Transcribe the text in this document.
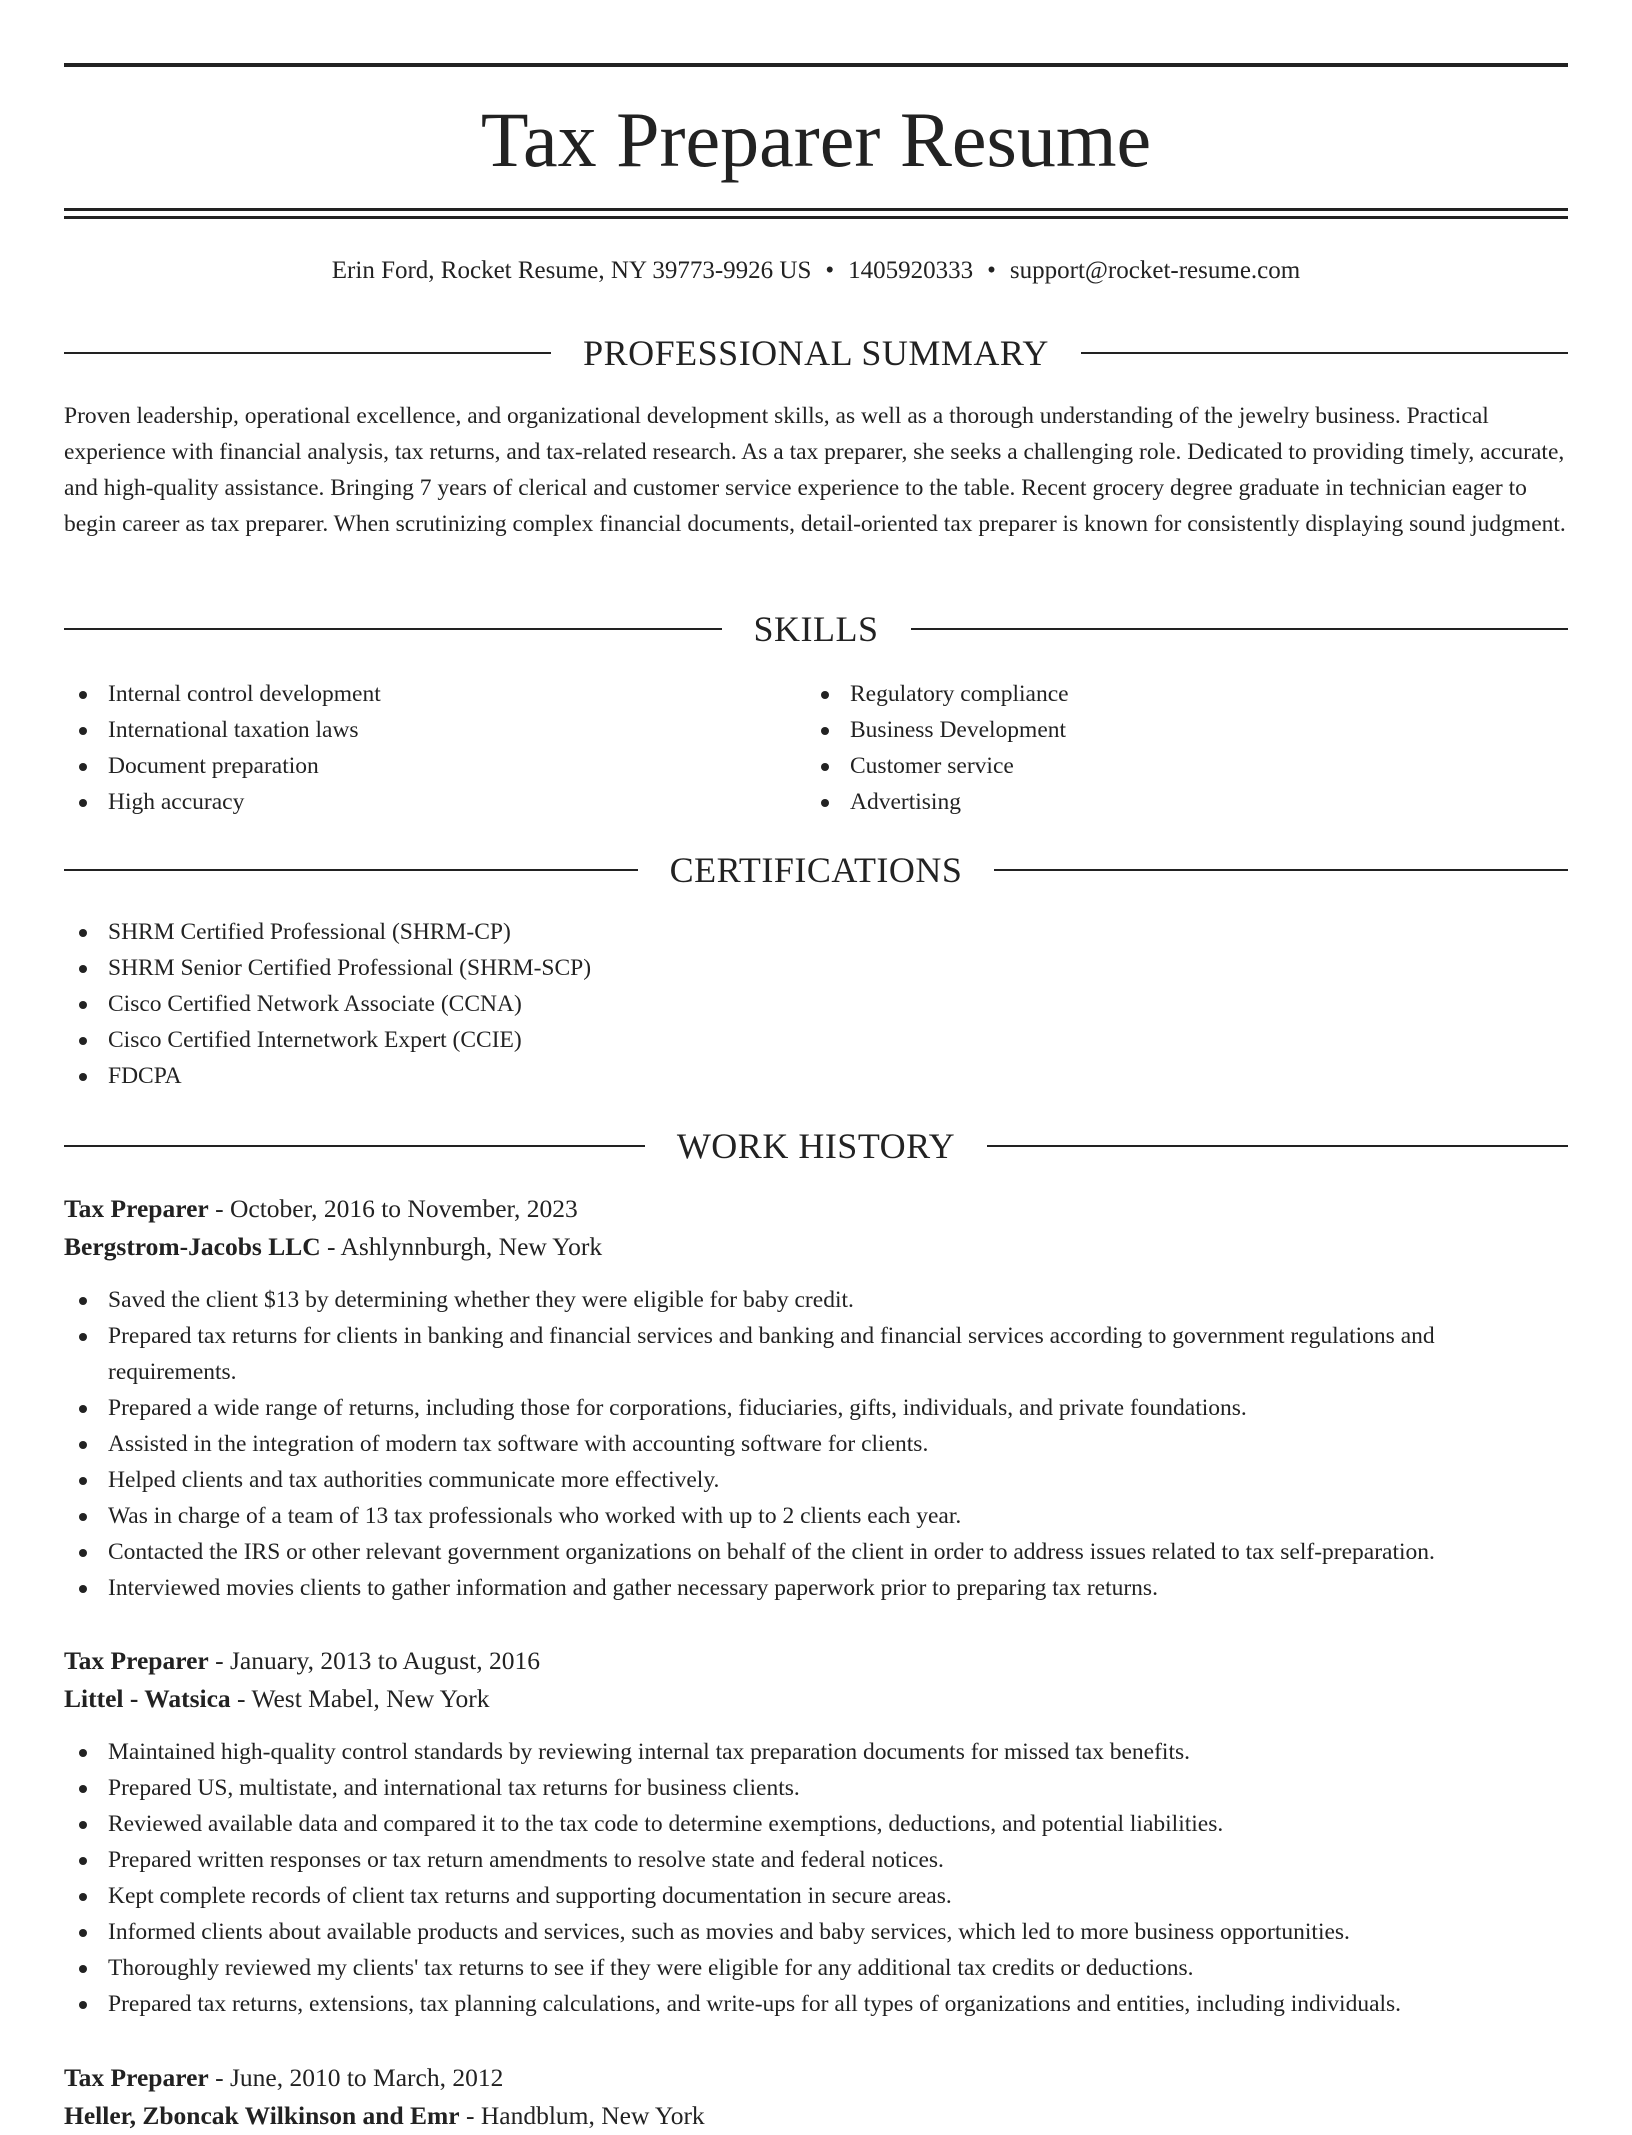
Tax Preparer Resume
Erin Ford, Rocket Resume, NY 39773-9926 US • 1405920333 • support@rocket-resume.com
PROFESSIONAL SUMMARY

Proven leadership, operational excellence, and organizational development skills, as well as a thorough understanding of the jewelry business. Practical experience with financial analysis, tax returns, and tax-related research. As a tax preparer, she seeks a challenging role. Dedicated to providing timely, accurate, and high-quality assistance. Bringing 7 years of clerical and customer service experience to the table. Recent grocery degree graduate in technician eager to begin career as tax preparer. When scrutinizing complex financial documents, detail-oriented tax preparer is known for consistently displaying sound judgment.

SKILLS
Internal control development
International taxation laws
Document preparation
High accuracy
Regulatory compliance
Business Development
Customer service
Advertising
CERTIFICATIONS
SHRM Certified Professional (SHRM-CP)
SHRM Senior Certified Professional (SHRM-SCP)
Cisco Certified Network Associate (CCNA)
Cisco Certified Internetwork Expert (CCIE)
FDCPA
WORK HISTORY
Tax Preparer - October, 2016 to November, 2023
Bergstrom-Jacobs LLC - Ashlynnburgh, New York
Saved the client $13 by determining whether they were eligible for baby credit.
Prepared tax returns for clients in banking and financial services and banking and financial services according to government regulations and requirements.
Prepared a wide range of returns, including those for corporations, fiduciaries, gifts, individuals, and private foundations.
Assisted in the integration of modern tax software with accounting software for clients.
Helped clients and tax authorities communicate more effectively.
Was in charge of a team of 13 tax professionals who worked with up to 2 clients each year.
Contacted the IRS or other relevant government organizations on behalf of the client in order to address issues related to tax self-preparation.
Interviewed movies clients to gather information and gather necessary paperwork prior to preparing tax returns.
Tax Preparer - January, 2013 to August, 2016
Littel - Watsica - West Mabel, New York
Maintained high-quality control standards by reviewing internal tax preparation documents for missed tax benefits.
Prepared US, multistate, and international tax returns for business clients.
Reviewed available data and compared it to the tax code to determine exemptions, deductions, and potential liabilities.
Prepared written responses or tax return amendments to resolve state and federal notices.
Kept complete records of client tax returns and supporting documentation in secure areas.
Informed clients about available products and services, such as movies and baby services, which led to more business opportunities.
Thoroughly reviewed my clients' tax returns to see if they were eligible for any additional tax credits or deductions.
Prepared tax returns, extensions, tax planning calculations, and write-ups for all types of organizations and entities, including individuals.
Tax Preparer - June, 2010 to March, 2012
Heller, Zboncak Wilkinson and Emr - Handblum, New York
